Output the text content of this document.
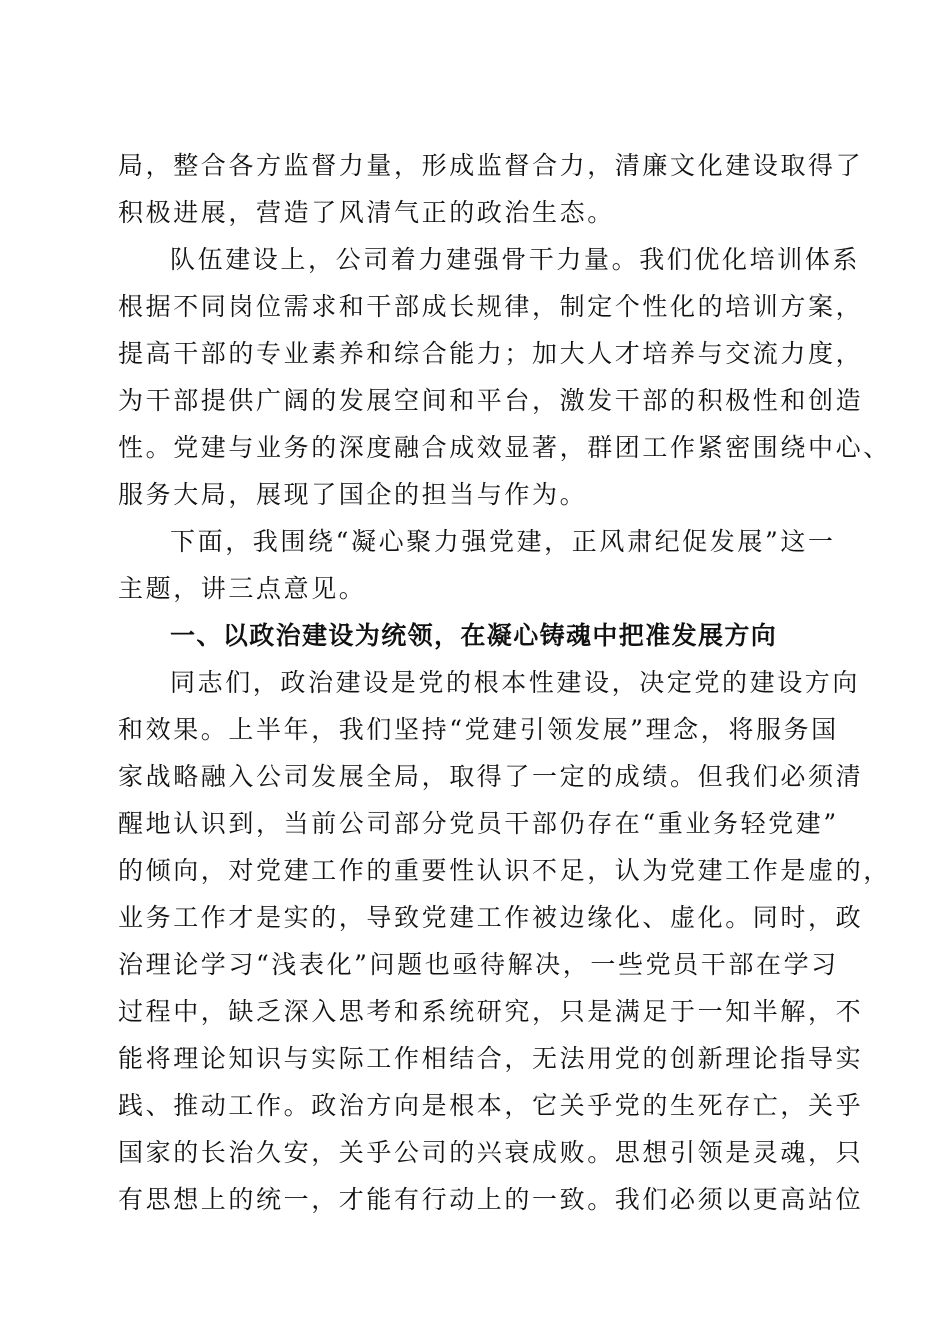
局，整合各方监督力量，形成监督合力，清廉文化建设取得了
积极进展，营造了风清气正的政治生态。
队伍建设上，公司着力建强骨干力量。我们优化培训体系
根据不同岗位需求和干部成长规律，制定个性化的培训方案，
提高干部的专业素养和综合能力；加大人才培养与交流力度，
为干部提供广阔的发展空间和平台，激发干部的积极性和创造
性。党建与业务的深度融合成效显著，群团工作紧密围绕中心、
服务大局，展现了国企的担当与作为。
下面，我围绕“凝心聚力强党建，正风肃纪促发展”这一
主题，讲三点意见。
一、以政治建设为统领，在凝心铸魂中把准发展方向
同志们，政治建设是党的根本性建设，决定党的建设方向
和效果。上半年，我们坚持“党建引领发展”理念，将服务国
家战略融入公司发展全局，取得了一定的成绩。但我们必须清
醒地认识到，当前公司部分党员干部仍存在“重业务轻党建”
的倾向，对党建工作的重要性认识不足，认为党建工作是虚的，
业务工作才是实的，导致党建工作被边缘化、虚化。同时，政
治理论学习“浅表化”问题也亟待解决，一些党员干部在学习
过程中，缺乏深入思考和系统研究，只是满足于一知半解，不
能将理论知识与实际工作相结合，无法用党的创新理论指导实
践、推动工作。政治方向是根本，它关乎党的生死存亡，关乎
国家的长治久安，关乎公司的兴衰成败。思想引领是灵魂，只
有思想上的统一，才能有行动上的一致。我们必须以更高站位
